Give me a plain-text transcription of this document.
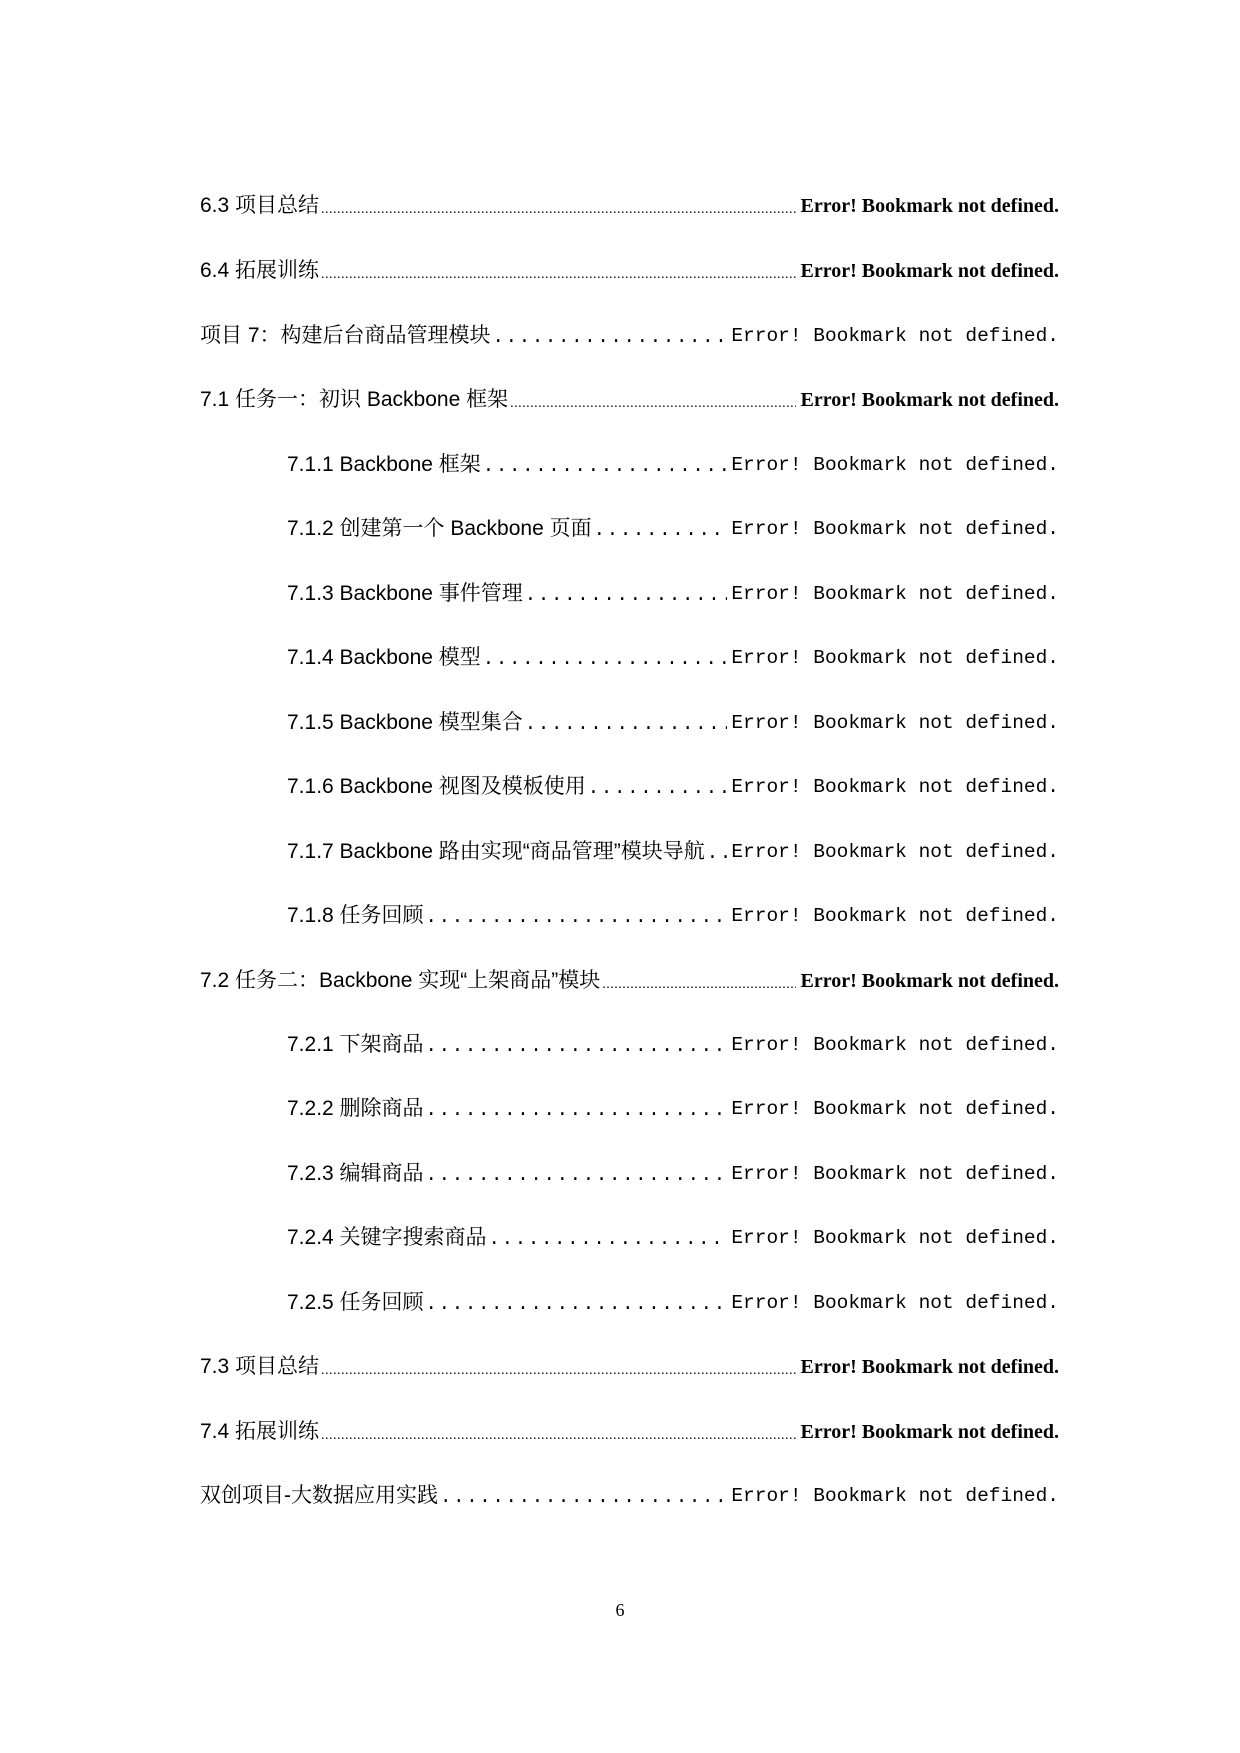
6.3 项目总结 .....	Error! Bookmark not defined.
6.4 拓展训练 .....	Error! Bookmark not defined.
项目 7：构建后台商品管理模块 .....	Error! Bookmark not defined.
7.1 任务一：初识 Backbone 框架 .....	Error! Bookmark not defined.
7.1.1 Backbone 框架 .....	Error! Bookmark not defined.
7.1.2 创建第一个 Backbone 页面 .....	Error! Bookmark not defined.
7.1.3 Backbone 事件管理 .....	Error! Bookmark not defined.
7.1.4 Backbone 模型 .....	Error! Bookmark not defined.
7.1.5 Backbone 模型集合 .....	Error! Bookmark not defined.
7.1.6 Backbone 视图及模板使用 .....	Error! Bookmark not defined.
7.1.7 Backbone 路由实现“商品管理”模块导航 ..... Error! Bookmark not defined.
7.1.8 任务回顾 .....	Error! Bookmark not defined.
7.2 任务二：Backbone 实现“上架商品”模块 .....	Error! Bookmark not defined.
7.2.1 下架商品 .....	Error! Bookmark not defined.
7.2.2 删除商品 .....	Error! Bookmark not defined.
7.2.3 编辑商品 .....	Error! Bookmark not defined.
7.2.4 关键字搜索商品 .....	Error! Bookmark not defined.
7.2.5 任务回顾 .....	Error! Bookmark not defined.
7.3 项目总结 .....	Error! Bookmark not defined.
7.4 拓展训练 .....	Error! Bookmark not defined.
双创项目-大数据应用实践 .....	Error! Bookmark not defined.
6
